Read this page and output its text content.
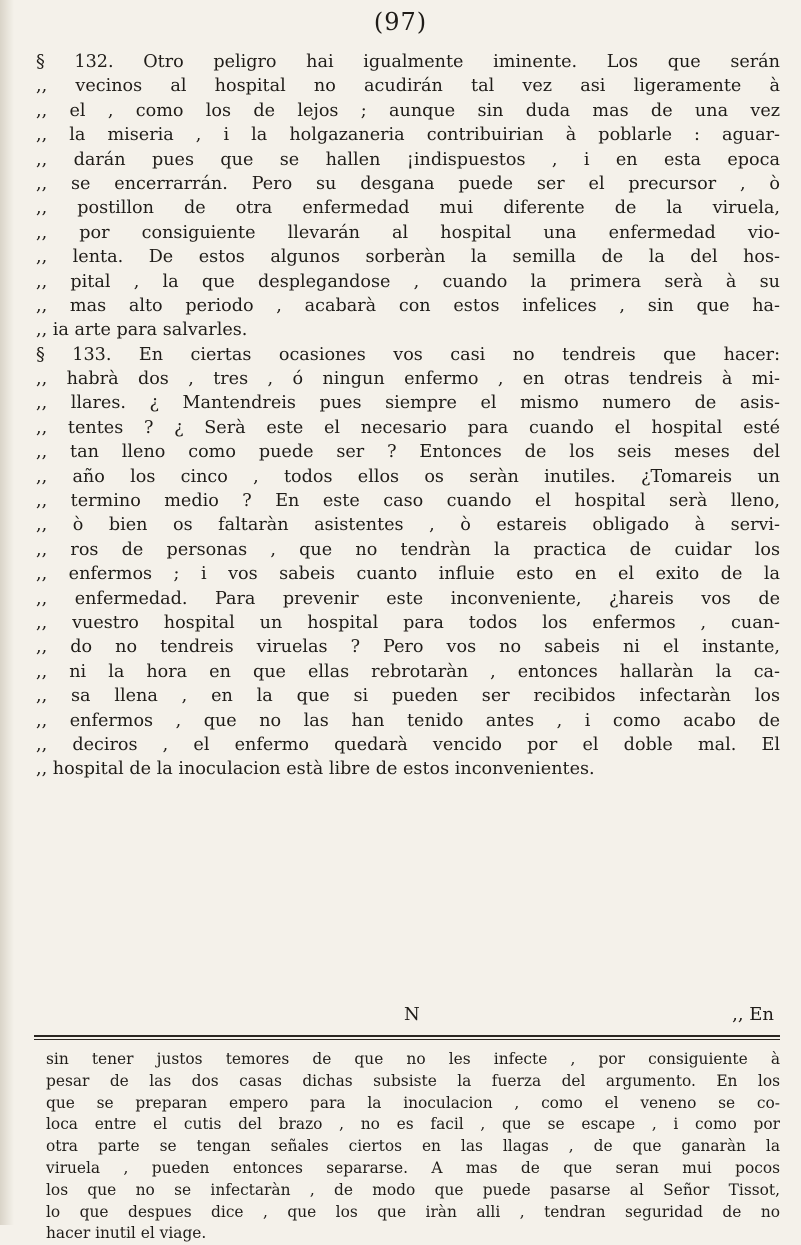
(97)
§ 132. Otro peligro hai igualmente iminente. Los que serán
,, vecinos al hospital no acudirán tal vez asi ligeramente à
,, el , como los de lejos ; aunque sin duda mas de una vez
,, la miseria , i la holgazaneria contribuirian à poblarle : aguar-
,, darán pues que se hallen ¡indispuestos , i en esta epoca
,, se encerrarrán. Pero su desgana puede ser el precursor , ò
,, postillon de otra enfermedad mui diferente de la viruela,
,, por consiguiente llevarán al hospital una enfermedad vio-
,, lenta. De estos algunos sorberàn la semilla de la del hos-
,, pital , la que desplegandose , cuando la primera serà à su
,, mas alto periodo , acabarà con estos infelices , sin que ha-
,, ia arte para salvarles.
§ 133. En ciertas ocasiones vos casi no tendreis que hacer:
,, habrà dos , tres , ó ningun enfermo , en otras tendreis à mi-
,, llares. ¿ Mantendreis pues siempre el mismo numero de asis-
,, tentes ? ¿ Serà este el necesario para cuando el hospital esté
,, tan lleno como puede ser ? Entonces de los seis meses del
,, año los cinco , todos ellos os seràn inutiles. ¿Tomareis un
,, termino medio ? En este caso cuando el hospital serà lleno,
,, ò bien os faltaràn asistentes , ò estareis obligado à servi-
,, ros de personas , que no tendràn la practica de cuidar los
,, enfermos ; i vos sabeis cuanto influie esto en el exito de la
,, enfermedad. Para prevenir este inconveniente, ¿hareis vos de
,, vuestro hospital un hospital para todos los enfermos , cuan-
,, do no tendreis viruelas ? Pero vos no sabeis ni el instante,
,, ni la hora en que ellas rebrotaràn , entonces hallaràn la ca-
,, sa llena , en la que si pueden ser recibidos infectaràn los
,, enfermos , que no las han tenido antes , i como acabo de
,, deciros , el enfermo quedarà vencido por el doble mal. El
,, hospital de la inoculacion està libre de estos inconvenientes.
N	,, En
sin tener justos temores de que no les infecte , por consiguiente à
pesar de las dos casas dichas subsiste la fuerza del argumento. En los
que se preparan empero para la inoculacion , como el veneno se co-
loca entre el cutis del brazo , no es facil , que se escape , i como por
otra parte se tengan señales ciertos en las llagas , de que ganaràn la
viruela , pueden entonces separarse. A mas de que seran mui pocos
los que no se infectaràn , de modo que puede pasarse al Señor Tissot,
lo que despues dice , que los que iràn alli , tendran seguridad de no
hacer inutil el viage.
